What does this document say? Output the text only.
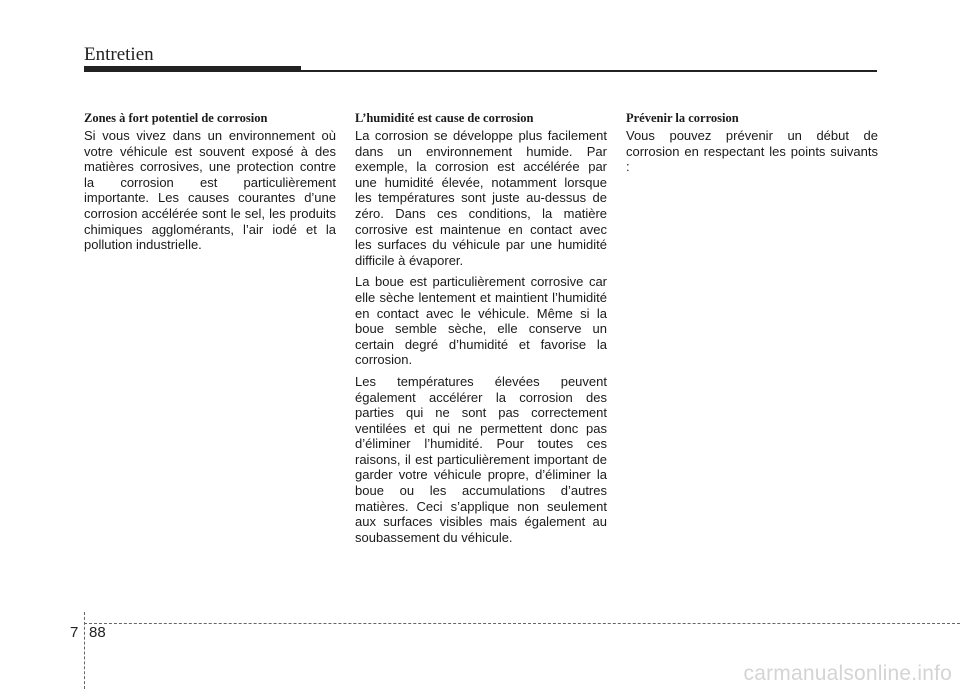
Entretien
Zones à fort potentiel de corrosion

Si vous vivez dans un environnement où votre véhicule est souvent exposé à des matières corrosives, une protection contre la corrosion est particulièrement importante. Les causes courantes d’une corrosion accélérée sont le sel, les produits chimiques agglomérants, l’air iodé et la pollution industrielle.

L’humidité est cause de corrosion

La corrosion se développe plus facilement dans un environnement humide. Par exemple, la corrosion est accélérée par une humidité élevée, notamment lorsque les températures sont juste au-dessus de zéro. Dans ces conditions, la matière corrosive est maintenue en contact avec les surfaces du véhicule par une humidité difficile à évaporer.

La boue est particulièrement corrosive car elle sèche lentement et maintient l’humidité en contact avec le véhicule. Même si la boue semble sèche, elle conserve un certain degré d’humidité et favorise la corrosion.

Les températures élevées peuvent également accélérer la corrosion des parties qui ne sont pas correctement ventilées et qui ne permettent donc pas d’éliminer l’humidité. Pour toutes ces raisons, il est particulièrement important de garder votre véhicule propre, d’éliminer la boue ou les accumulations d’autres matières. Ceci s’applique non seulement aux surfaces visibles mais également au soubassement du véhicule.

Prévenir la corrosion

Vous pouvez prévenir un début de corrosion en respectant les points suivants :

7 88
carmanualsonline.info
